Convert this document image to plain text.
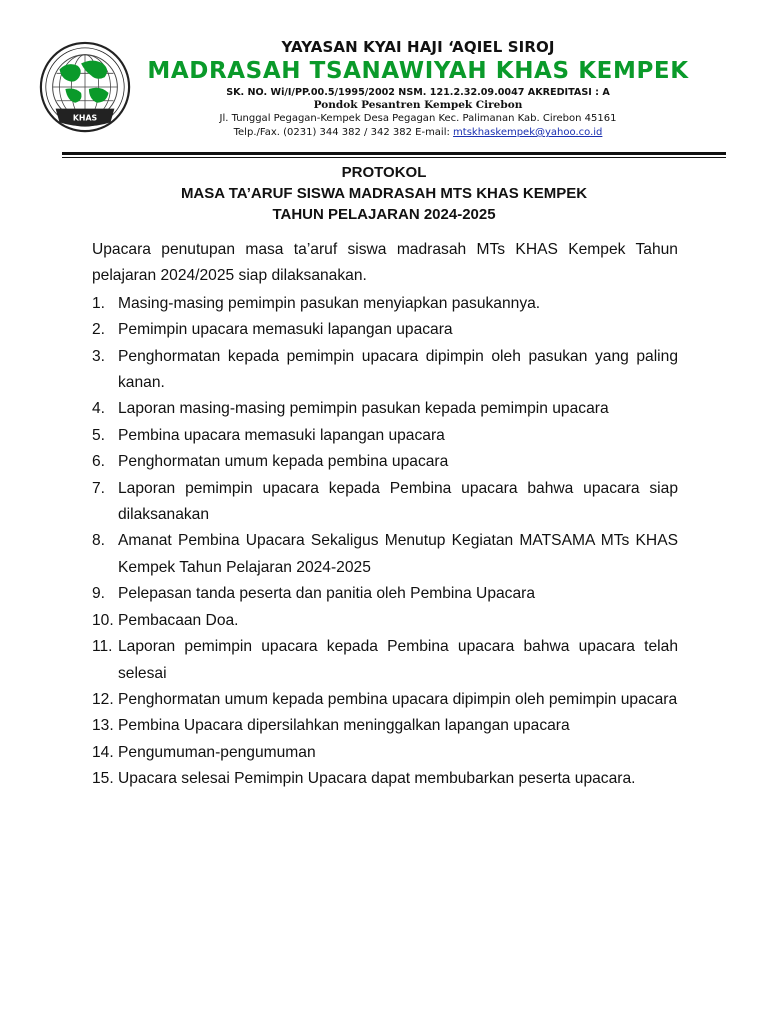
KHAS
YAYASAN KYAI HAJI ‘AQIEL SIROJ
MADRASAH TSANAWIYAH KHAS KEMPEK
SK. NO. Wi/I/PP.00.5/1995/2002 NSM. 121.2.32.09.0047 AKREDITASI : A
Pondok Pesantren Kempek Cirebon
Jl. Tunggal Pegagan-Kempek Desa Pegagan Kec. Palimanan Kab. Cirebon 45161
Telp./Fax. (0231) 344 382 / 342 382 E-mail: mtskhaskempek@yahoo.co.id
PROTOKOL
MASA TA’ARUF SISWA MADRASAH MTS KHAS KEMPEK
TAHUN PELAJARAN 2024-2025

Upacara penutupan masa ta’aruf siswa madrasah MTs KHAS Kempek Tahun pelajaran 2024/2025 siap dilaksanakan.

1. Masing-masing pemimpin pasukan menyiapkan pasukannya.
2. Pemimpin upacara memasuki lapangan upacara
3. Penghormatan kepada pemimpin upacara dipimpin oleh pasukan yang paling kanan.
4. Laporan masing-masing pemimpin pasukan kepada pemimpin upacara
5. Pembina upacara memasuki lapangan upacara
6. Penghormatan umum kepada pembina upacara
7. Laporan pemimpin upacara kepada Pembina upacara bahwa upacara siap dilaksanakan
8. Amanat Pembina Upacara Sekaligus Menutup Kegiatan MATSAMA MTs KHAS Kempek Tahun Pelajaran 2024-2025
9. Pelepasan tanda peserta dan panitia oleh Pembina Upacara
10. Pembacaan Doa.
11. Laporan pemimpin upacara kepada Pembina upacara bahwa upacara telah selesai
12. Penghormatan umum kepada pembina upacara dipimpin oleh pemimpin upacara
13. Pembina Upacara dipersilahkan meninggalkan lapangan upacara
14. Pengumuman-pengumuman
15. Upacara selesai Pemimpin Upacara dapat membubarkan peserta upacara.
